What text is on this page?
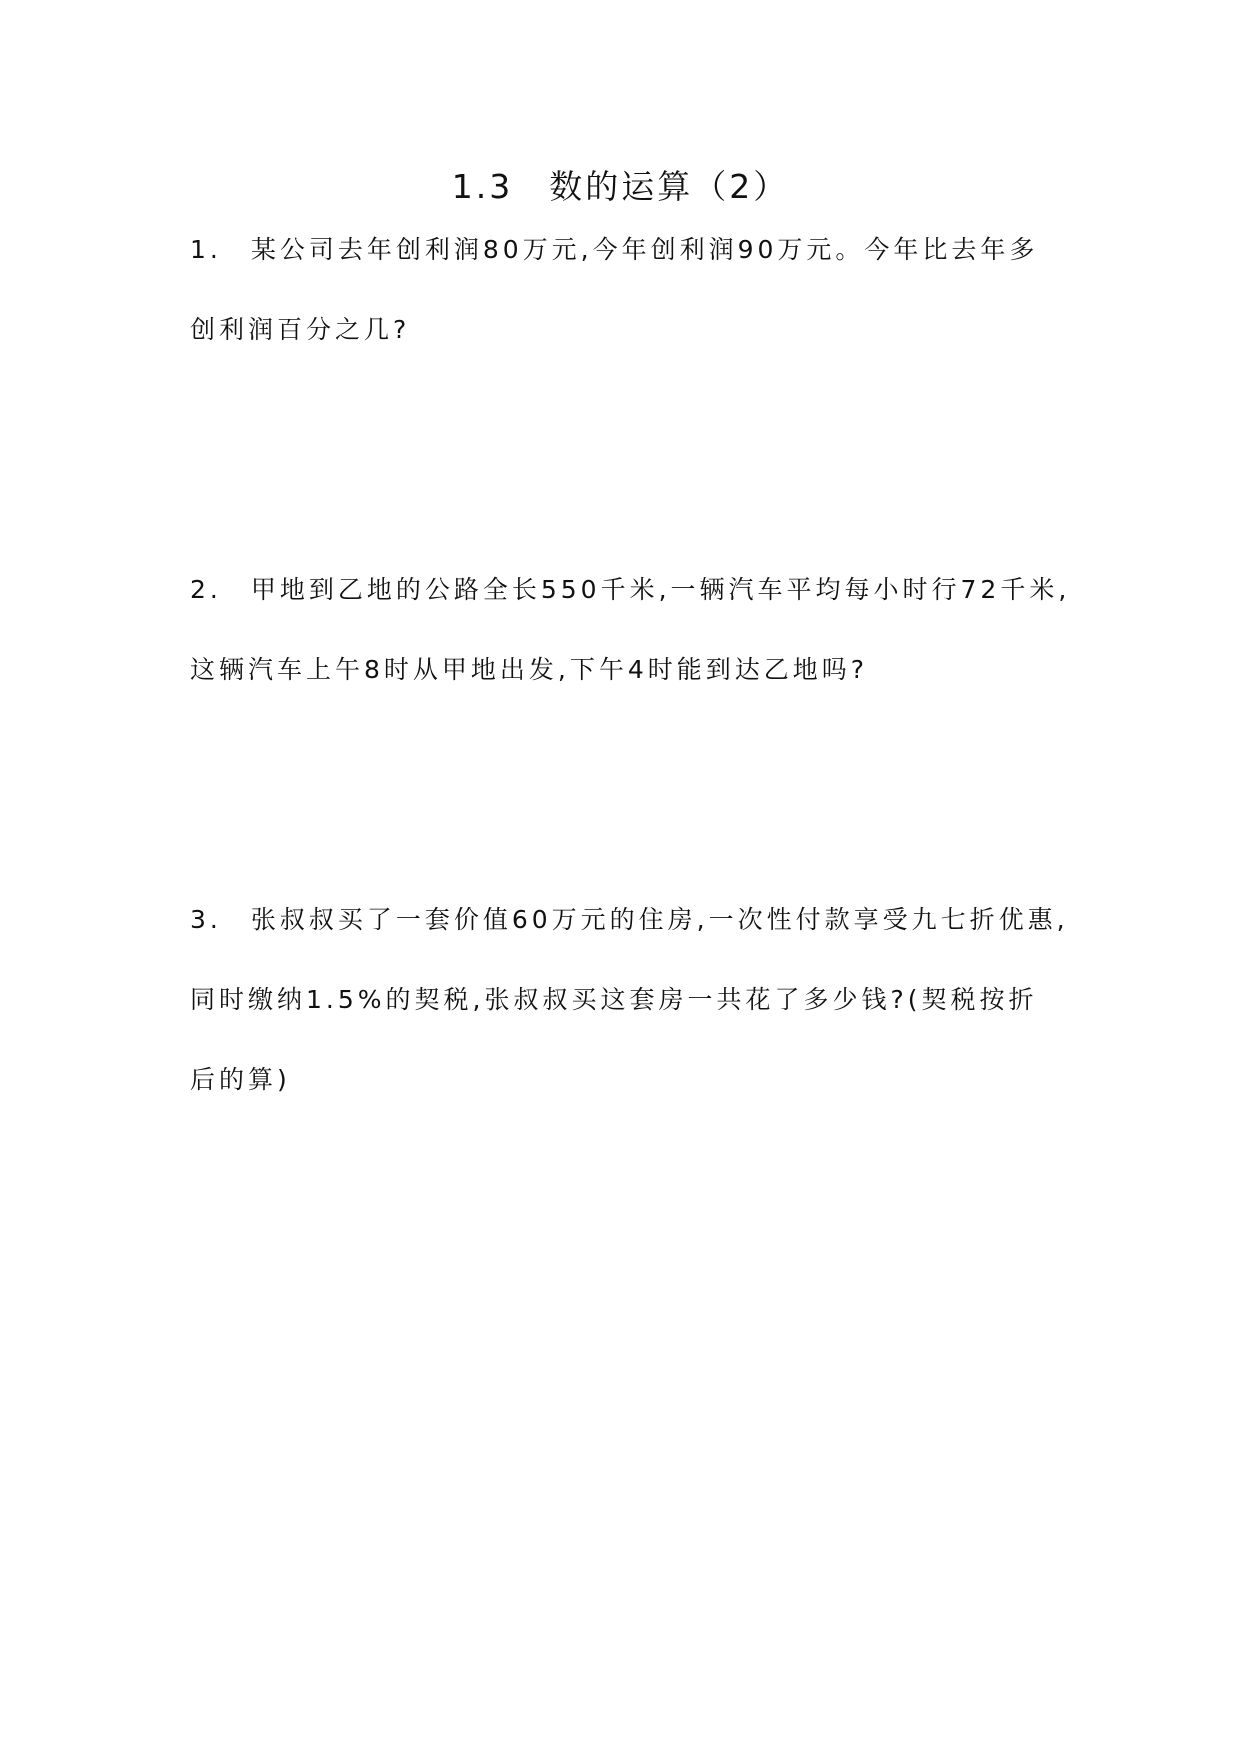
1.3　数的运算（2）
1.　某公司去年创利润80万元,今年创利润90万元。今年比去年多
创利润百分之几?
2.　甲地到乙地的公路全长550千米,一辆汽车平均每小时行72千米,
这辆汽车上午8时从甲地出发,下午4时能到达乙地吗?
3.　张叔叔买了一套价值60万元的住房,一次性付款享受九七折优惠,
同时缴纳1.5%的契税,张叔叔买这套房一共花了多少钱?(契税按折
后的算)
